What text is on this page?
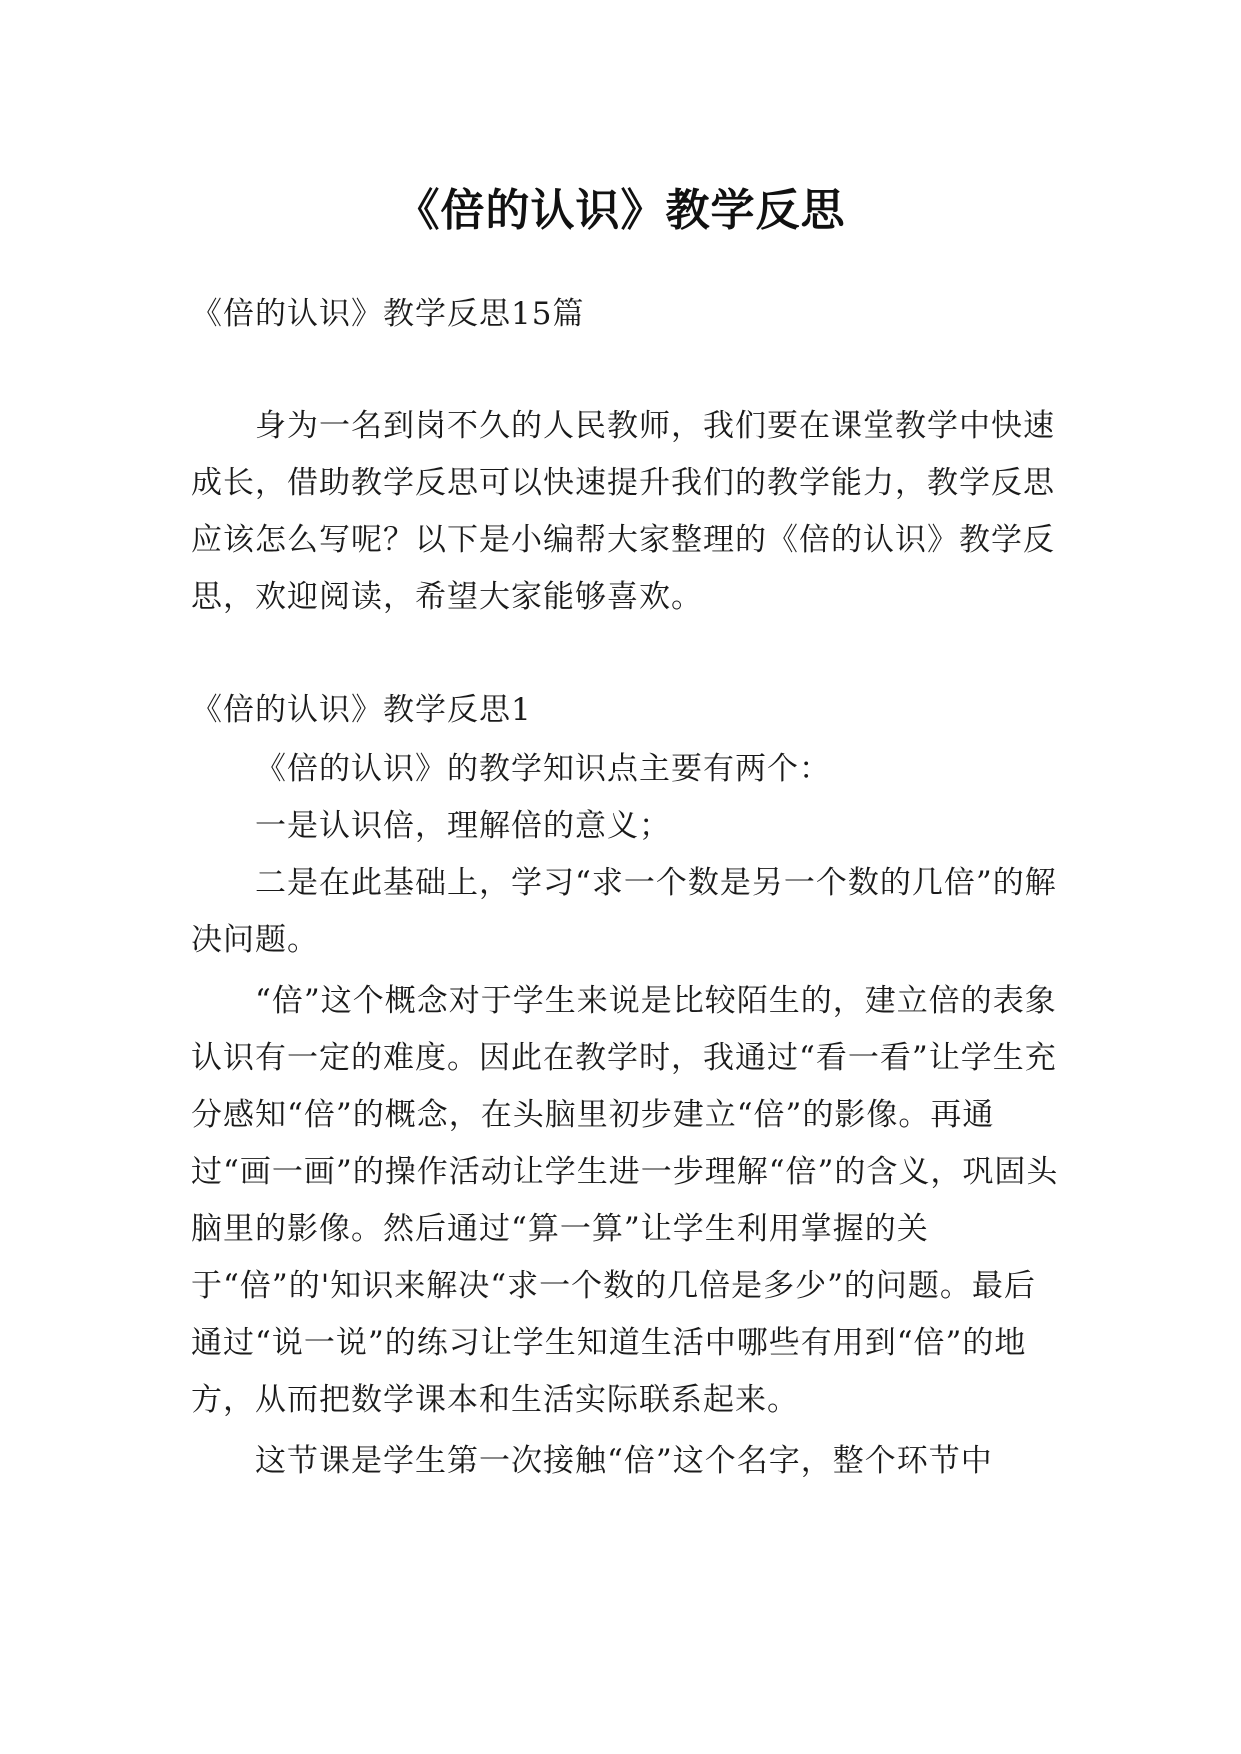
《倍的认识》教学反思

《倍的认识》教学反思15篇

身为一名到岗不久的人民教师，我们要在课堂教学中快速成长，借助教学反思可以快速提升我们的教学能力，教学反思应该怎么写呢？以下是小编帮大家整理的《倍的认识》教学反思，欢迎阅读，希望大家能够喜欢。

《倍的认识》教学反思1

《倍的认识》的教学知识点主要有两个：

一是认识倍，理解倍的意义；

二是在此基础上，学习“求一个数是另一个数的几倍”的解决问题。

“倍”这个概念对于学生来说是比较陌生的，建立倍的表象认识有一定的难度。因此在教学时，我通过“看一看”让学生充分感知“倍”的概念，在头脑里初步建立“倍”的影像。再通过“画一画”的操作活动让学生进一步理解“倍”的含义，巩固头脑里的影像。然后通过“算一算”让学生利用掌握的关于“倍”的'知识来解决“求一个数的几倍是多少”的问题。最后通过“说一说”的练习让学生知道生活中哪些有用到“倍”的地方，从而把数学课本和生活实际联系起来。

这节课是学生第一次接触“倍”这个名字，整个环节中
